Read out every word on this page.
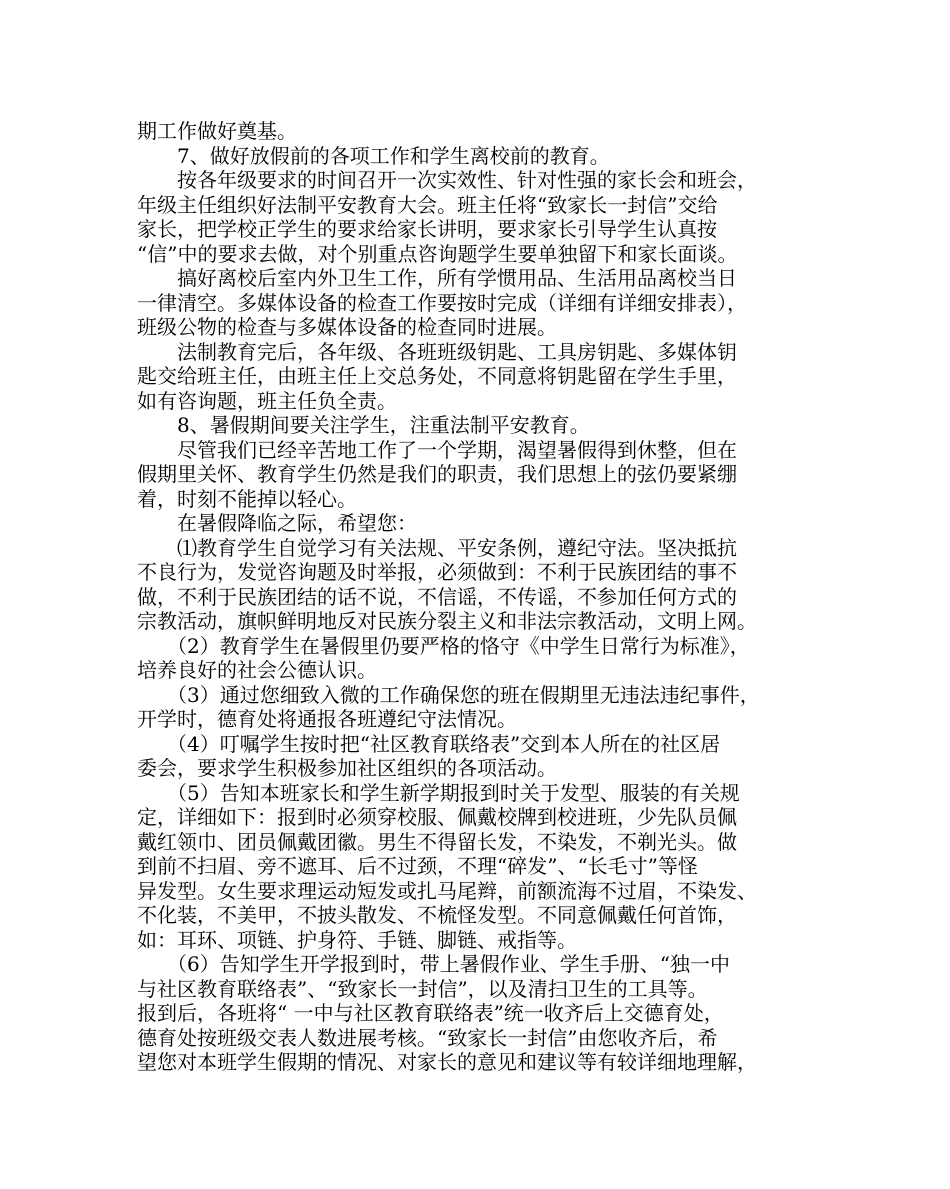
期工作做好奠基。
　　7、做好放假前的各项工作和学生离校前的教育。
　　按各年级要求的时间召开一次实效性、针对性强的家长会和班会，
年级主任组织好法制平安教育大会。班主任将“致家长一封信”交给
家长，把学校正学生的要求给家长讲明，要求家长引导学生认真按
“信”中的要求去做，对个别重点咨询题学生要单独留下和家长面谈。
　　搞好离校后室内外卫生工作，所有学惯用品、生活用品离校当日
一律清空。多媒体设备的检查工作要按时完成（详细有详细安排表），
班级公物的检查与多媒体设备的检查同时进展。
　　法制教育完后，各年级、各班班级钥匙、工具房钥匙、多媒体钥
匙交给班主任，由班主任上交总务处，不同意将钥匙留在学生手里，
如有咨询题，班主任负全责。
　　8、暑假期间要关注学生，注重法制平安教育。
　　尽管我们已经辛苦地工作了一个学期，渴望暑假得到休整，但在
假期里关怀、教育学生仍然是我们的职责，我们思想上的弦仍要紧绷
着，时刻不能掉以轻心。
　　在暑假降临之际，希望您：
　　⑴教育学生自觉学习有关法规、平安条例，遵纪守法。坚决抵抗
不良行为，发觉咨询题及时举报，必须做到：不利于民族团结的事不
做，不利于民族团结的话不说，不信谣，不传谣，不参加任何方式的
宗教活动，旗帜鲜明地反对民族分裂主义和非法宗教活动，文明上网。
　　（2）教育学生在暑假里仍要严格的恪守《中学生日常行为标准》，
培养良好的社会公德认识。
　　（3）通过您细致入微的工作确保您的班在假期里无违法违纪事件，
开学时，德育处将通报各班遵纪守法情况。
　　（4）叮嘱学生按时把“社区教育联络表”交到本人所在的社区居
委会，要求学生积极参加社区组织的各项活动。
　　（5）告知本班家长和学生新学期报到时关于发型、服装的有关规
定，详细如下：报到时必须穿校服、佩戴校牌到校进班，少先队员佩
戴红领巾、团员佩戴团徽。男生不得留长发，不染发，不剃光头。做
到前不扫眉、旁不遮耳、后不过颈，不理“碎发”、“长毛寸”等怪
异发型。女生要求理运动短发或扎马尾辫，前额流海不过眉，不染发、
不化装，不美甲，不披头散发、不梳怪发型。不同意佩戴任何首饰，
如：耳环、项链、护身符、手链、脚链、戒指等。
　　（6）告知学生开学报到时，带上暑假作业、学生手册、“独一中
与社区教育联络表”、“致家长一封信”，以及清扫卫生的工具等。
报到后，各班将“ 一中与社区教育联络表”统一收齐后上交德育处，
德育处按班级交表人数进展考核。“致家长一封信”由您收齐后，希
望您对本班学生假期的情况、对家长的意见和建议等有较详细地理解，
